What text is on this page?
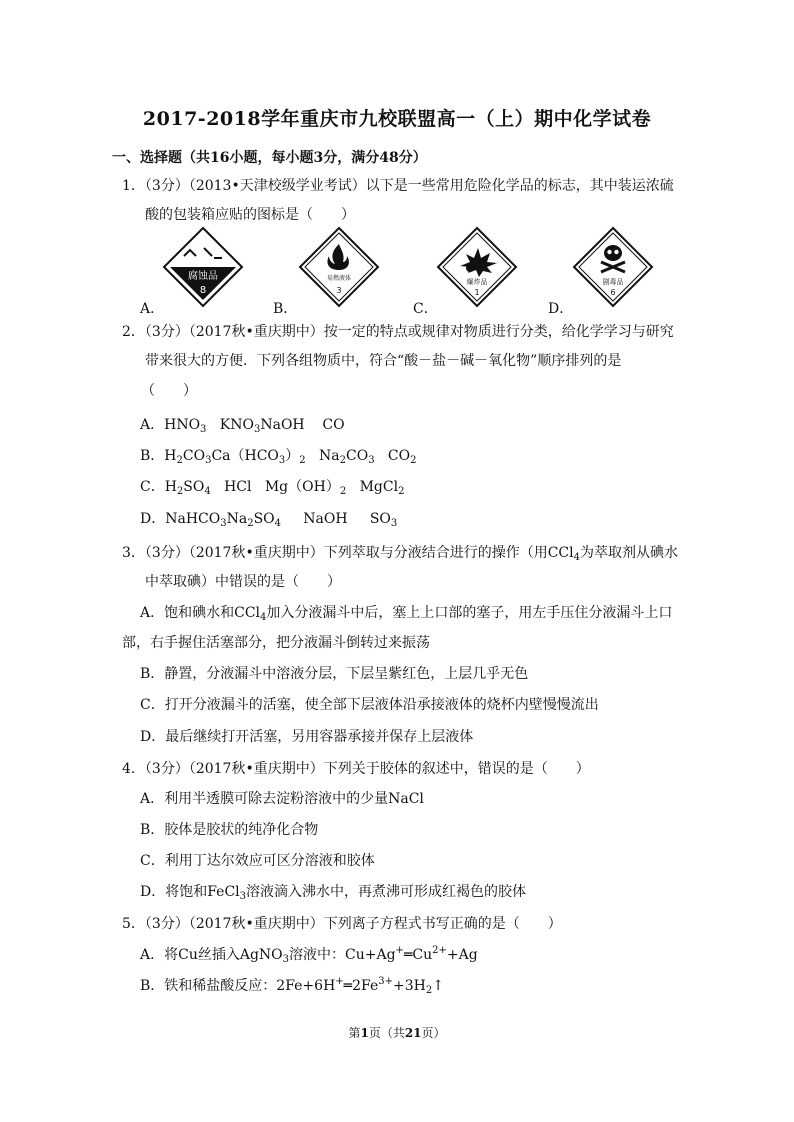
2017-2018学年重庆市九校联盟高一（上）期中化学试卷
一、选择题（共16小题，每小题3分，满分48分）
1．（3分）（2013•天津校级学业考试）以下是一些常用危险化学品的标志，其中装运浓硫
酸的包装箱应贴的图标是（　　）
腐蚀品
8
易燃液体
3
爆炸品
1
剧毒品
6
A．	B．	C．	D．
2．（3分）（2017秋•重庆期中）按一定的特点或规律对物质进行分类，给化学学习与研究
带来很大的方便．下列各组物质中，符合“酸－盐－碱－氧化物”顺序排列的是
（　　）
A．$HNO_3$   $KNO_3NaOH$    CO
B．$H_2CO_3Ca(HCO_3)_2$   $Na_2CO_3$   $CO_2$
C．$H_2SO_4$   HCl   $Mg(OH)_2$   MgCl$_2$
D．$NaHCO_3Na_2SO_4$     NaOH     $SO_3$
3．（3分）（2017秋•重庆期中）下列萃取与分液结合进行的操作（用CCl$_4$为萃取剂从碘水
中萃取碘）中错误的是（　　）
A．饱和碘水和CCl$_4$加入分液漏斗中后，塞上上口部的塞子，用左手压住分液漏斗上口
部，右手握住活塞部分，把分液漏斗倒转过来振荡
B．静置，分液漏斗中溶液分层，下层呈紫红色，上层几乎无色
C．打开分液漏斗的活塞，使全部下层液体沿承接液体的烧杯内壁慢慢流出
D．最后继续打开活塞，另用容器承接并保存上层液体
4．（3分）（2017秋•重庆期中）下列关于胶体的叙述中，错误的是（　　）
A．利用半透膜可除去淀粉溶液中的少量NaCl
B．胶体是胶状的纯净化合物
C．利用丁达尔效应可区分溶液和胶体
D．将饱和FeCl$_3$溶液滴入沸水中，再煮沸可形成红褐色的胶体
5．（3分）（2017秋•重庆期中）下列离子方程式书写正确的是（　　）
A．将Cu丝插入AgNO$_3$溶液中：$Cu+Ag^+═Cu^{2+}+Ag$
B．铁和稀盐酸反应：$2Fe+6H^+═2Fe^{3+}+3H_2↑$
第1页（共21页）
